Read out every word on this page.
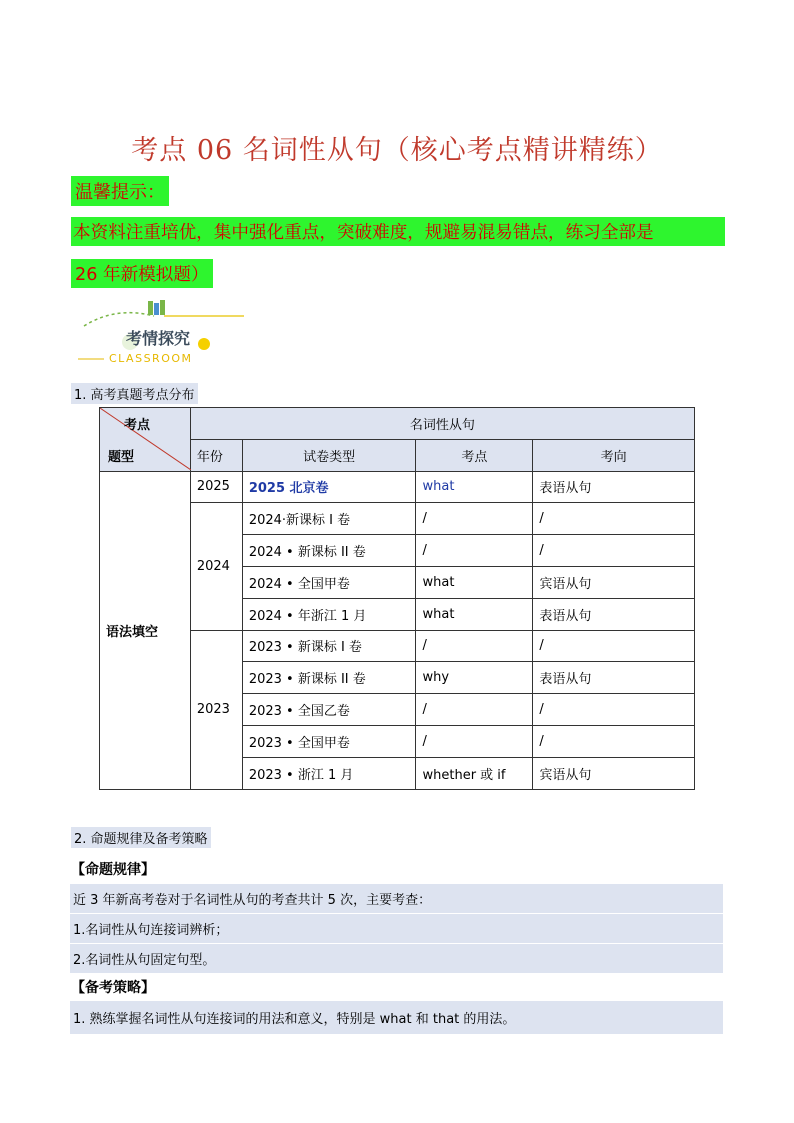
考点 06 名词性从句（核心考点精讲精练）
温馨提示：
本资料注重培优，集中强化重点，突破难度，规避易混易错点，练习全部是
26 年新模拟题）
考情探究
CLASSROOM
1. 高考真题考点分布
考点
题型	名词性从句			
	年份	试卷类型	考点	考向
语法填空	2025	2025 北京卷	what	表语从句
	2024	2024·新课标 I 卷	/	/
		2024 • 新课标 II 卷	/	/
		2024 • 全国甲卷	what	宾语从句
		2024 • 年浙江 1 月	what	表语从句
	2023	2023 • 新课标 I 卷	/	/
		2023 • 新课标 II 卷	why	表语从句
		2023 • 全国乙卷	/	/
		2023 • 全国甲卷	/	/
		2023 • 浙江 1 月	whether 或 if	宾语从句
2. 命题规律及备考策略
【命题规律】
近 3 年新高考卷对于名词性从句的考查共计 5 次，主要考查：
1.名词性从句连接词辨析；
2.名词性从句固定句型。
【备考策略】
1. 熟练掌握名词性从句连接词的用法和意义，特别是 what 和 that 的用法。
